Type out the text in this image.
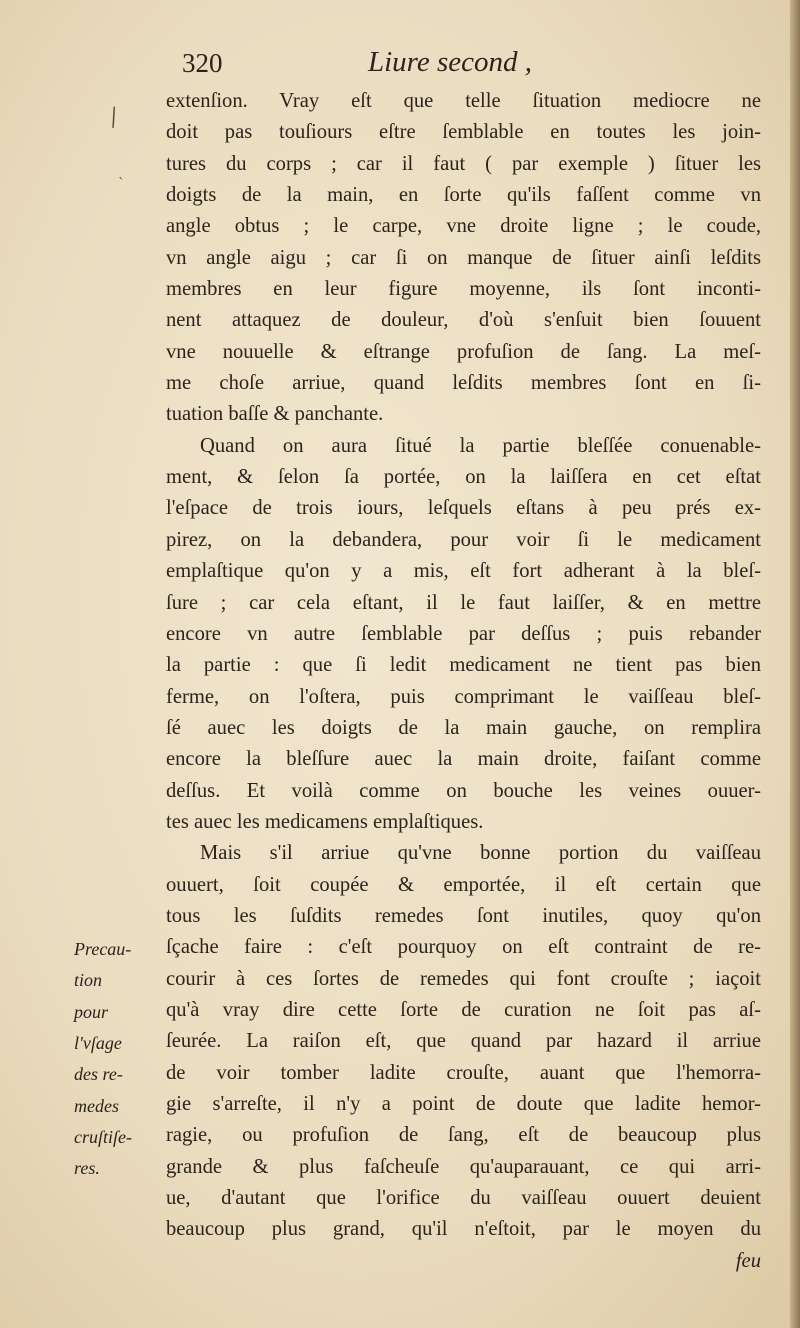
320	Liure second ,
⁄
ˋ
extenſion. Vray eſt que telle ſituation mediocre ne
doit pas touſiours eſtre ſemblable en toutes les join-
tures du corps ; car il faut ( par exemple ) ſituer les
doigts de la main, en ſorte qu'ils faſſent comme vn
angle obtus ; le carpe, vne droite ligne ; le coude,
vn angle aigu ; car ſi on manque de ſituer ainſi leſdits
membres en leur figure moyenne, ils ſont inconti-
nent attaquez de douleur, d'où s'enſuit bien ſouuent
vne nouuelle & eſtrange profuſion de ſang. La meſ-
me choſe arriue, quand leſdits membres ſont en ſi-
tuation baſſe & panchante.
Quand on aura ſitué la partie bleſſée conuenable-
ment, & ſelon ſa portée, on la laiſſera en cet eſtat
l'eſpace de trois iours, leſquels eſtans à peu prés ex-
pirez, on la debandera, pour voir ſi le medicament
emplaſtique qu'on y a mis, eſt fort adherant à la bleſ-
ſure ; car cela eſtant, il le faut laiſſer, & en mettre
encore vn autre ſemblable par deſſus ; puis rebander
la partie : que ſi ledit medicament ne tient pas bien
ferme, on l'oſtera, puis comprimant le vaiſſeau bleſ-
ſé auec les doigts de la main gauche, on remplira
encore la bleſſure auec la main droite, faiſant comme
deſſus. Et voilà comme on bouche les veines ouuer-
tes auec les medicamens emplaſtiques.
Mais s'il arriue qu'vne bonne portion du vaiſſeau
ouuert, ſoit coupée & emportée, il eſt certain que
tous les ſuſdits remedes ſont inutiles, quoy qu'on
ſçache faire : c'eſt pourquoy on eſt contraint de re-
courir à ces ſortes de remedes qui font crouſte ; iaçoit
qu'à vray dire cette ſorte de curation ne ſoit pas aſ-
ſeurée. La raiſon eſt, que quand par hazard il arriue
de voir tomber ladite crouſte, auant que l'hemorra-
gie s'arreſte, il n'y a point de doute que ladite hemor-
ragie, ou profuſion de ſang, eſt de beaucoup plus
grande & plus faſcheuſe qu'auparauant, ce qui arri-
ue, d'autant que l'orifice du vaiſſeau ouuert deuient
beaucoup plus grand, qu'il n'eſtoit, par le moyen du
feu
Precau-
tion
pour
l'vſage
des re-
medes
cruſtiſe-
res.
